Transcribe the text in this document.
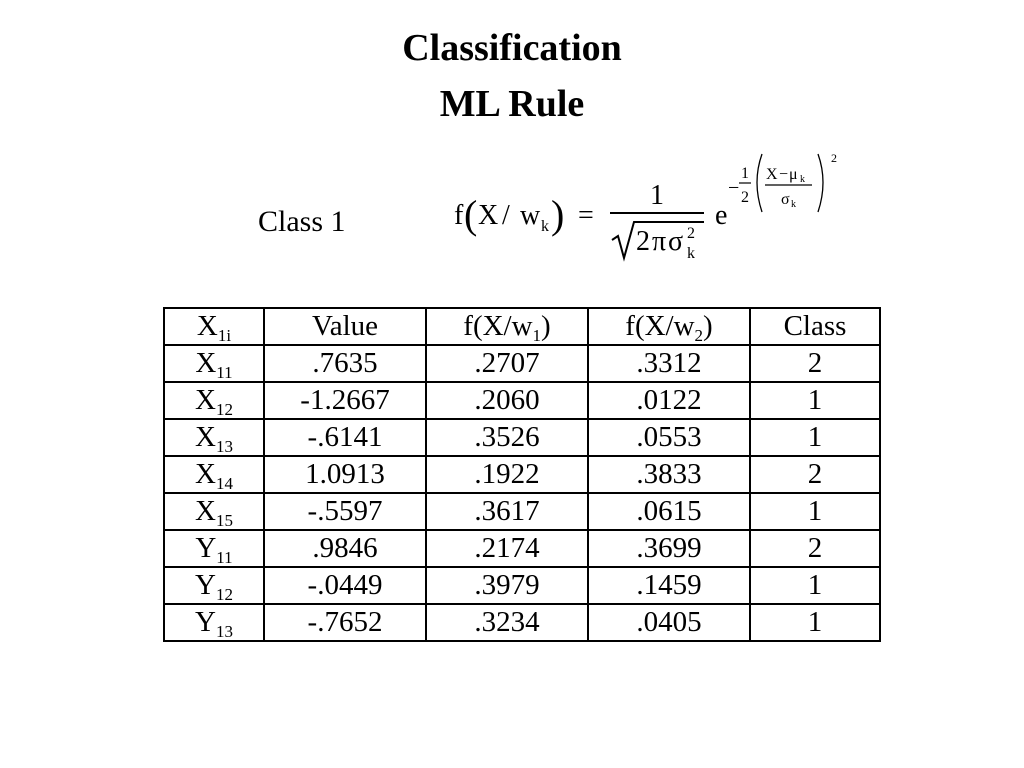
Classification
ML Rule
Class 1	f ( X / w k ) =
1
2 π σ 2
k
e
−
1
2
X − μ k
σ k
2
$X_{1i}$	Value	$f(X/w_1)$	$f(X/w_2)$	Class
$X_{11}$	.7635	.2707	.3312	2
$X_{12}$	-1.2667	.2060	.0122	1
$X_{13}$	-.6141	.3526	.0553	1
$X_{14}$	1.0913	.1922	.3833	2
$X_{15}$	-.5597	.3617	.0615	1
$Y_{11}$	.9846	.2174	.3699	2
$Y_{12}$	-.0449	.3979	.1459	1
$Y_{13}$	-.7652	.3234	.0405	1
